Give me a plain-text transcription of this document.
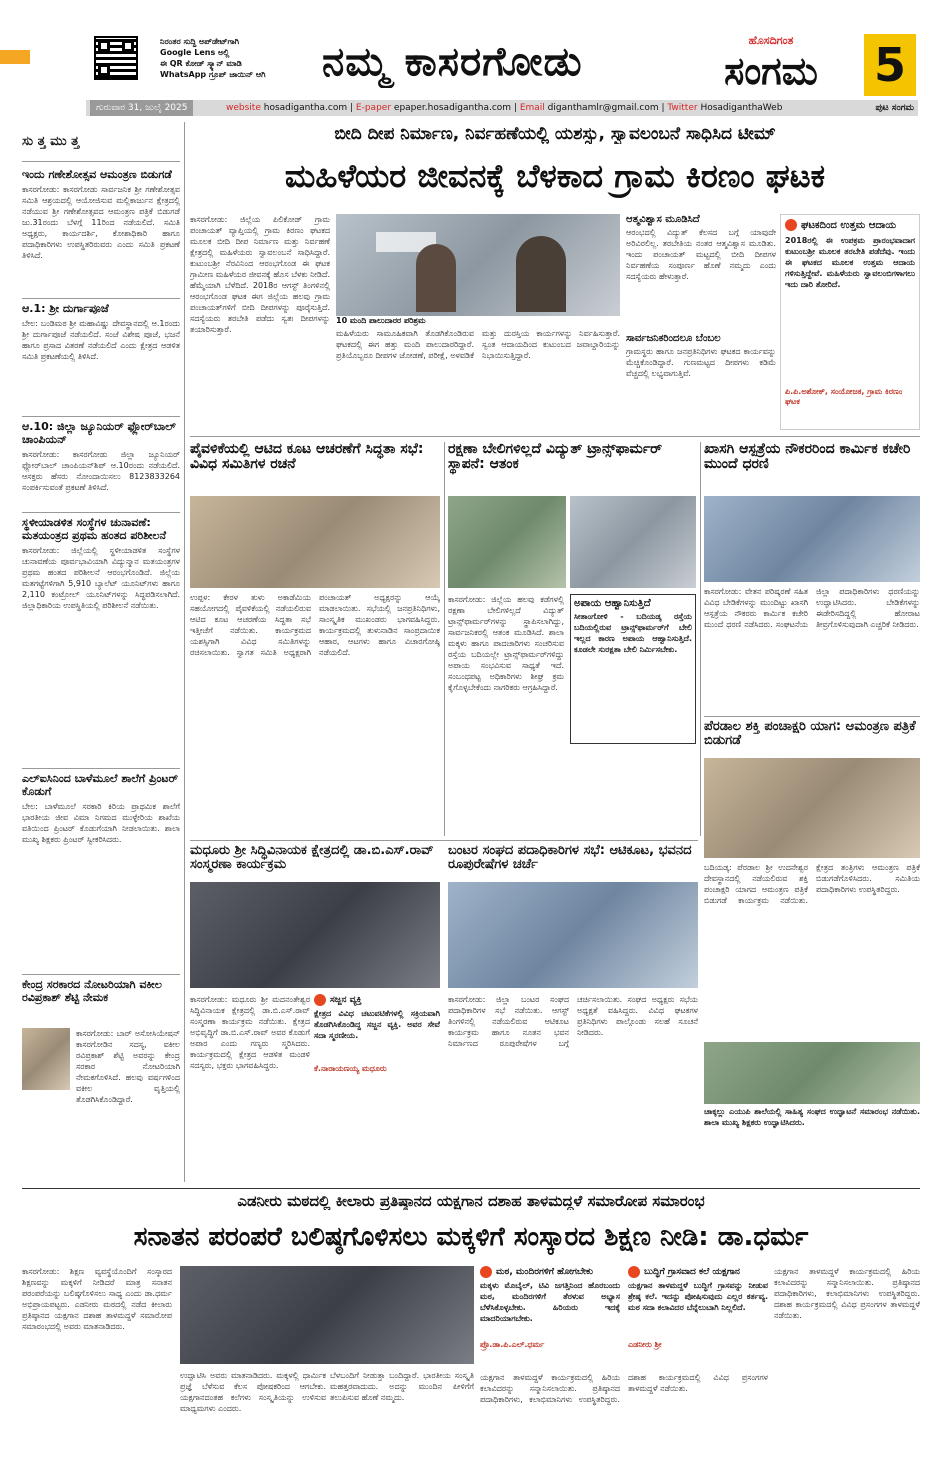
ನಿರಂತರ ಸುದ್ದಿ ಅಪ್‌ಡೇಟ್‌ಗಾಗಿ
Google Lens ಅಲ್ಲಿ
ಈ QR ಕೋಡ್ ಸ್ಕ್ಯಾನ್ ಮಾಡಿ
WhatsApp ಗ್ರೂಪ್ ಜಾಯಿನ್ ಆಗಿ	ನಮ್ಮ ಕಾಸರಗೋಡು	ಹೊಸದಿಗಂತ
ಸಂಗಮ	5
ಗುರುವಾರ 31, ಜುಲೈ 2025	website hosadigantha.com | E-paper epaper.hosadigantha.com | Email diganthamlr@gmail.com | Twitter HosadiganthaWeb	ಪುಟ ಸಂಗಮ
ಸು ತ್ತ ಮು ತ್ತ
ಇಂದು ಗಣೇಶೋತ್ಸವ ಆಮಂತ್ರಣ ಬಿಡುಗಡೆ
ಕಾಸರಗೋಡು: ಕಾಸರಗೋಡು ಸಾರ್ವಜನಿಕ ಶ್ರೀ ಗಣೇಶೋತ್ಸವ ಸಮಿತಿ ಆಶ್ರಯದಲ್ಲಿ ಆಯೋಜಿಸುವ ಮಲ್ಲಿಕಾರ್ಜುನ ಕ್ಷೇತ್ರದಲ್ಲಿ ನಡೆಯುವ ಶ್ರೀ ಗಣೇಶೋತ್ಸವದ ಆಮಂತ್ರಣ ಪತ್ರಿಕೆ ಬಿಡುಗಡೆ ಜು.31ರಂದು ಬೆಳಗ್ಗೆ 11ರಿಂದ ನಡೆಯಲಿದೆ. ಸಮಿತಿ ಅಧ್ಯಕ್ಷರು, ಕಾರ್ಯದರ್ಶಿ, ಕೋಶಾಧಿಕಾರಿ ಹಾಗೂ ಪದಾಧಿಕಾರಿಗಳು ಉಪಸ್ಥಿತರಿರುವರು ಎಂದು ಸಮಿತಿ ಪ್ರಕಟಣೆ ತಿಳಿಸಿದೆ.
ಆ.1: ಶ್ರೀ ದುರ್ಗಾಪೂಜೆ
ಬೇಲ: ಬಂಡಿಮಠ ಶ್ರೀ ಮಹಾವಿಷ್ಣು ದೇವಸ್ಥಾನದಲ್ಲಿ ಆ.1ರಂದು ಶ್ರೀ ದುರ್ಗಾಪೂಜೆ ನಡೆಯಲಿದೆ. ಸಂಜೆ ವಿಶೇಷ ಪೂಜೆ, ಭಜನೆ ಹಾಗೂ ಪ್ರಸಾದ ವಿತರಣೆ ನಡೆಯಲಿದೆ ಎಂದು ಕ್ಷೇತ್ರದ ಆಡಳಿತ ಸಮಿತಿ ಪ್ರಕಟಣೆಯಲ್ಲಿ ತಿಳಿಸಿದೆ.
ಆ.10: ಜಿಲ್ಲಾ ಜ್ಯೂನಿಯರ್ ಫ್ಲೋರ್‌ಬಾಲ್ ಚಾಂಪಿಯನ್
ಕಾಸರಗೋಡು: ಕಾಸರಗೋಡು ಜಿಲ್ಲಾ ಜ್ಯೂನಿಯರ್ ಫ್ಲೋರ್‌ಬಾಲ್ ಚಾಂಪಿಯನ್‌ಶಿಪ್ ಆ.10ರಂದು ನಡೆಯಲಿದೆ. ಆಸಕ್ತರು ಹೆಸರು ನೋಂದಾಯಿಸಲು 8123833264 ಸಂಪರ್ಕಿಸುವಂತೆ ಪ್ರಕಟಣೆ ತಿಳಿಸಿದೆ.
ಸ್ಥಳೀಯಾಡಳಿತ ಸಂಸ್ಥೆಗಳ ಚುನಾವಣೆ: ಮತಯಂತ್ರದ ಪ್ರಥಮ ಹಂತದ ಪರಿಶೀಲನೆ
ಕಾಸರಗೋಡು: ಜಿಲ್ಲೆಯಲ್ಲಿ ಸ್ಥಳೀಯಾಡಳಿತ ಸಂಸ್ಥೆಗಳ ಚುನಾವಣೆಯ ಪೂರ್ವಭಾವಿಯಾಗಿ ವಿದ್ಯುನ್ಮಾನ ಮತಯಂತ್ರಗಳ ಪ್ರಥಮ ಹಂತದ ಪರಿಶೀಲನೆ ಆರಂಭಗೊಂಡಿದೆ. ಜಿಲ್ಲೆಯ ಮತಗಟ್ಟೆಗಳಿಗಾಗಿ 5,910 ಬ್ಯಾಲೆಟ್ ಯೂನಿಟ್‌ಗಳು ಹಾಗೂ 2,110 ಕಂಟ್ರೋಲ್ ಯೂನಿಟ್‌ಗಳನ್ನು ಸಿದ್ಧಪಡಿಸಲಾಗಿದೆ. ಜಿಲ್ಲಾಧಿಕಾರಿಯ ಉಪಸ್ಥಿತಿಯಲ್ಲಿ ಪರಿಶೀಲನೆ ನಡೆಯಿತು.
ಎಲ್‌ಐಸಿನಿಂದ ಬಾಳೆಮೂಲೆ ಶಾಲೆಗೆ ಪ್ರಿಂಟರ್ ಕೊಡುಗೆ
ಬೇಲ: ಬಾಳೆಮೂಲೆ ಸರಕಾರಿ ಕಿರಿಯ ಪ್ರಾಥಮಿಕ ಶಾಲೆಗೆ ಭಾರತೀಯ ಜೀವ ವಿಮಾ ನಿಗಮದ ಮುಳ್ಳೇರಿಯ ಶಾಖೆಯ ವತಿಯಿಂದ ಪ್ರಿಂಟರ್ ಕೊಡುಗೆಯಾಗಿ ನೀಡಲಾಯಿತು. ಶಾಲಾ ಮುಖ್ಯ ಶಿಕ್ಷಕರು ಪ್ರಿಂಟರ್ ಸ್ವೀಕರಿಸಿದರು.
ಕೇಂದ್ರ ಸರಕಾರದ ನೋಟರಿಯಾಗಿ ವಕೀಲ ರವಿಪ್ರಕಾಶ್ ಶೆಟ್ಟಿ ನೇಮಕ
ಕಾಸರಗೋಡು: ಬಾರ್ ಅಸೋಸಿಯೇಷನ್ ಕಾಸರಗೋಡಿನ ಸದಸ್ಯ, ವಕೀಲ ರವಿಪ್ರಕಾಶ್ ಶೆಟ್ಟಿ ಅವರನ್ನು ಕೇಂದ್ರ ಸರಕಾರ ನೋಟರಿಯಾಗಿ ನೇಮಕಗೊಳಿಸಿದೆ. ಹಲವು ವರ್ಷಗಳಿಂದ ವಕೀಲ ವೃತ್ತಿಯಲ್ಲಿ ತೊಡಗಿಸಿಕೊಂಡಿದ್ದಾರೆ.
ಬೀದಿ ದೀಪ ನಿರ್ಮಾಣ, ನಿರ್ವಹಣೆಯಲ್ಲಿ ಯಶಸ್ಸು, ಸ್ವಾವಲಂಬನೆ ಸಾಧಿಸಿದ ಟೀಮ್
ಮಹಿಳೆಯರ ಜೀವನಕ್ಕೆ ಬೆಳಕಾದ ಗ್ರಾಮ ಕಿರಣಂ ಘಟಕ
ಕಾಸರಗೋಡು: ಜಿಲ್ಲೆಯ ಪಿಲಿಕೋಡ್ ಗ್ರಾಮ ಪಂಚಾಯತ್ ವ್ಯಾಪ್ತಿಯಲ್ಲಿ ಗ್ರಾಮ ಕಿರಣಂ ಘಟಕದ ಮೂಲಕ ಬೀದಿ ದೀಪ ನಿರ್ಮಾಣ ಮತ್ತು ನಿರ್ವಹಣೆ ಕ್ಷೇತ್ರದಲ್ಲಿ ಮಹಿಳೆಯರು ಸ್ವಾವಲಂಬನೆ ಸಾಧಿಸಿದ್ದಾರೆ. ಕುಟುಂಬಶ್ರೀ ನೆರವಿನಿಂದ ಆರಂಭಗೊಂಡ ಈ ಘಟಕ ಗ್ರಾಮೀಣ ಮಹಿಳೆಯರ ಜೀವನಕ್ಕೆ ಹೊಸ ಬೆಳಕು ನೀಡಿದೆ. ಹೆಮ್ಮೆಯಾಗಿ ಬೆಳೆದಿದೆ. 2018ರ ಆಗಸ್ಟ್ ತಿಂಗಳಿನಲ್ಲಿ ಆರಂಭಗೊಂಡ ಘಟಕ ಈಗ ಜಿಲ್ಲೆಯ ಹಲವು ಗ್ರಾಮ ಪಂಚಾಯತ್‌ಗಳಿಗೆ ಬೀದಿ ದೀಪಗಳನ್ನು ಪೂರೈಸುತ್ತಿದೆ. ಸದಸ್ಯೆಯರು ತರಬೇತಿ ಪಡೆದು ಸ್ವತಃ ದೀಪಗಳನ್ನು ತಯಾರಿಸುತ್ತಾರೆ.
10 ಮಂದಿ ಪಾಲುದಾರರ ಪರಿಶ್ರಮ
ಮಹಿಳೆಯರು ಸಾಮೂಹಿಕವಾಗಿ ತೊಡಗಿಕೊಂಡಿರುವ ಘಟಕದಲ್ಲಿ ಈಗ ಹತ್ತು ಮಂದಿ ಪಾಲುದಾರರಿದ್ದಾರೆ. ಪ್ರತಿಯೊಬ್ಬರೂ ದೀಪಗಳ ಜೋಡಣೆ, ಪರೀಕ್ಷೆ, ಅಳವಡಿಕೆ ಮತ್ತು ದುರಸ್ತಿಯ ಕಾರ್ಯಗಳನ್ನು ನಿರ್ವಹಿಸುತ್ತಾರೆ. ಸ್ವಂತ ಆದಾಯದಿಂದ ಕುಟುಂಬದ ಜವಾಬ್ದಾರಿಯನ್ನು ನಿಭಾಯಿಸುತ್ತಿದ್ದಾರೆ.
ಆತ್ಮವಿಶ್ವಾಸ ಮೂಡಿಸಿದೆ
ಆರಂಭದಲ್ಲಿ ವಿದ್ಯುತ್ ಕೆಲಸದ ಬಗ್ಗೆ ಯಾವುದೇ ಅರಿವಿರಲಿಲ್ಲ. ತರಬೇತಿಯ ನಂತರ ಆತ್ಮವಿಶ್ವಾಸ ಮೂಡಿತು. ಇಂದು ಪಂಚಾಯತ್ ಮಟ್ಟದಲ್ಲಿ ಬೀದಿ ದೀಪಗಳ ನಿರ್ವಹಣೆಯ ಸಂಪೂರ್ಣ ಹೊಣೆ ನಮ್ಮದು ಎಂದು ಸದಸ್ಯೆಯರು ಹೇಳುತ್ತಾರೆ.
ಸಾರ್ವಜನಿಕರಿಂದಲೂ ಬೆಂಬಲ
ಗ್ರಾಮಸ್ಥರು ಹಾಗೂ ಜನಪ್ರತಿನಿಧಿಗಳು ಘಟಕದ ಕಾರ್ಯವನ್ನು ಮೆಚ್ಚಿಕೊಂಡಿದ್ದಾರೆ. ಗುಣಮಟ್ಟದ ದೀಪಗಳು ಕಡಿಮೆ ವೆಚ್ಚದಲ್ಲಿ ಲಭ್ಯವಾಗುತ್ತಿವೆ.
ಘಟಕದಿಂದ ಉತ್ತಮ ಆದಾಯ
2018ರಲ್ಲಿ ಈ ಉಪಕ್ರಮ ಪ್ರಾರಂಭವಾದಾಗ ಕುಟುಂಬಶ್ರೀ ಮೂಲಕ ತರಬೇತಿ ಪಡೆದೆವು. ಇಂದು ಈ ಘಟಕದ ಮೂಲಕ ಉತ್ತಮ ಆದಾಯ ಗಳಿಸುತ್ತಿದ್ದೇವೆ. ಮಹಿಳೆಯರು ಸ್ವಾವಲಂಬಿಗಳಾಗಲು ಇದು ದಾರಿ ತೋರಿದೆ.
ಪಿ.ಪಿ.ಅಶೋಕ್, ಸಂಯೋಜಕ, ಗ್ರಾಮ ಕಿರಣಂ ಘಟಕ
ಪೈವಳಿಕೆಯಲ್ಲಿ ಆಟಿದ ಕೂಟ ಆಚರಣೆಗೆ ಸಿದ್ಧತಾ ಸಭೆ: ವಿವಿಧ ಸಮಿತಿಗಳ ರಚನೆ
ಉಪ್ಪಳ: ಕೇರಳ ತುಳು ಅಕಾಡೆಮಿಯ ಸಹಯೋಗದಲ್ಲಿ ಪೈವಳಿಕೆಯಲ್ಲಿ ನಡೆಯಲಿರುವ ಆಟಿದ ಕೂಟ ಆಚರಣೆಯ ಸಿದ್ಧತಾ ಸಭೆ ಇತ್ತೀಚೆಗೆ ನಡೆಯಿತು. ಕಾರ್ಯಕ್ರಮದ ಯಶಸ್ಸಿಗಾಗಿ ವಿವಿಧ ಸಮಿತಿಗಳನ್ನು ರಚಿಸಲಾಯಿತು. ಸ್ವಾಗತ ಸಮಿತಿ ಅಧ್ಯಕ್ಷರಾಗಿ ಪಂಚಾಯತ್ ಅಧ್ಯಕ್ಷರನ್ನು ಆಯ್ಕೆ ಮಾಡಲಾಯಿತು. ಸಭೆಯಲ್ಲಿ ಜನಪ್ರತಿನಿಧಿಗಳು, ಸಾಂಸ್ಕೃತಿಕ ಮುಖಂಡರು ಭಾಗವಹಿಸಿದ್ದರು. ಕಾರ್ಯಕ್ರಮದಲ್ಲಿ ತುಳುನಾಡಿನ ಸಾಂಪ್ರದಾಯಿಕ ಆಹಾರ, ಆಟಗಳು ಹಾಗೂ ವಿಚಾರಗೋಷ್ಠಿ ನಡೆಯಲಿದೆ.
ರಕ್ಷಣಾ ಬೇಲಿಗಳಿಲ್ಲದೆ ವಿದ್ಯುತ್ ಟ್ರಾನ್ಸ್‌ಫಾರ್ಮರ್ ಸ್ಥಾಪನೆ: ಆತಂಕ
ಕಾಸರಗೋಡು: ಜಿಲ್ಲೆಯ ಹಲವು ಕಡೆಗಳಲ್ಲಿ ರಕ್ಷಣಾ ಬೇಲಿಗಳಿಲ್ಲದೆ ವಿದ್ಯುತ್ ಟ್ರಾನ್ಸ್‌ಫಾರ್ಮರ್‌ಗಳನ್ನು ಸ್ಥಾಪಿಸಲಾಗಿದ್ದು, ಸಾರ್ವಜನಿಕರಲ್ಲಿ ಆತಂಕ ಮೂಡಿಸಿದೆ. ಶಾಲಾ ಮಕ್ಕಳು ಹಾಗೂ ಪಾದಚಾರಿಗಳು ಸಂಚರಿಸುವ ರಸ್ತೆಯ ಬದಿಯಲ್ಲೇ ಟ್ರಾನ್ಸ್‌ಫಾರ್ಮರ್‌ಗಳಿದ್ದು ಅಪಾಯ ಸಂಭವಿಸುವ ಸಾಧ್ಯತೆ ಇದೆ. ಸಂಬಂಧಪಟ್ಟ ಅಧಿಕಾರಿಗಳು ಶೀಘ್ರ ಕ್ರಮ ಕೈಗೊಳ್ಳಬೇಕೆಂದು ನಾಗರಿಕರು ಆಗ್ರಹಿಸಿದ್ದಾರೆ.
ಅಪಾಯ ಆಹ್ವಾನಿಸುತ್ತಿದೆ
ಸೀತಾಂಗೋಳಿ - ಬದಿಯಡ್ಕ ರಸ್ತೆಯ ಬದಿಯಲ್ಲಿರುವ ಟ್ರಾನ್ಸ್‌ಫಾರ್ಮರ್‌ಗೆ ಬೇಲಿ ಇಲ್ಲದ ಕಾರಣ ಅಪಾಯ ಆಹ್ವಾನಿಸುತ್ತಿದೆ. ಕೂಡಲೇ ಸುರಕ್ಷತಾ ಬೇಲಿ ನಿರ್ಮಿಸಬೇಕು.
ಖಾಸಗಿ ಆಸ್ಪತ್ರೆಯ ನೌಕರರಿಂದ ಕಾರ್ಮಿಕ ಕಚೇರಿ ಮುಂದೆ ಧರಣಿ
ಕಾಸರಗೋಡು: ವೇತನ ಪರಿಷ್ಕರಣೆ ಸಹಿತ ವಿವಿಧ ಬೇಡಿಕೆಗಳನ್ನು ಮುಂದಿಟ್ಟು ಖಾಸಗಿ ಆಸ್ಪತ್ರೆಯ ನೌಕರರು ಕಾರ್ಮಿಕ ಕಚೇರಿ ಮುಂದೆ ಧರಣಿ ನಡೆಸಿದರು. ಸಂಘಟನೆಯ ಜಿಲ್ಲಾ ಪದಾಧಿಕಾರಿಗಳು ಧರಣಿಯನ್ನು ಉದ್ಘಾಟಿಸಿದರು. ಬೇಡಿಕೆಗಳನ್ನು ಈಡೇರಿಸದಿದ್ದಲ್ಲಿ ಹೋರಾಟ ತೀವ್ರಗೊಳಿಸುವುದಾಗಿ ಎಚ್ಚರಿಕೆ ನೀಡಿದರು.
ಮಧೂರು ಶ್ರೀ ಸಿದ್ಧಿವಿನಾಯಕ ಕ್ಷೇತ್ರದಲ್ಲಿ ಡಾ.ಬಿ.ಎಸ್.ರಾವ್ ಸಂಸ್ಮರಣಾ ಕಾರ್ಯಕ್ರಮ
ಕಾಸರಗೋಡು: ಮಧೂರು ಶ್ರೀ ಮದನಂತೇಶ್ವರ ಸಿದ್ಧಿವಿನಾಯಕ ಕ್ಷೇತ್ರದಲ್ಲಿ ಡಾ.ಬಿ.ಎಸ್.ರಾವ್ ಸಂಸ್ಮರಣಾ ಕಾರ್ಯಕ್ರಮ ನಡೆಯಿತು. ಕ್ಷೇತ್ರದ ಅಭಿವೃದ್ಧಿಗೆ ಡಾ.ಬಿ.ಎಸ್.ರಾವ್ ಅವರ ಕೊಡುಗೆ ಅಪಾರ ಎಂದು ಗಣ್ಯರು ಸ್ಮರಿಸಿದರು. ಕಾರ್ಯಕ್ರಮದಲ್ಲಿ ಕ್ಷೇತ್ರದ ಆಡಳಿತ ಮಂಡಳಿ ಸದಸ್ಯರು, ಭಕ್ತರು ಭಾಗವಹಿಸಿದ್ದರು.
ಸಜ್ಜನ ವ್ಯಕ್ತಿ
ಕ್ಷೇತ್ರದ ವಿವಿಧ ಚಟುವಟಿಕೆಗಳಲ್ಲಿ ಸಕ್ರಿಯವಾಗಿ ತೊಡಗಿಸಿಕೊಂಡಿದ್ದ ಸಜ್ಜನ ವ್ಯಕ್ತಿ. ಅವರ ಸೇವೆ ಸದಾ ಸ್ಮರಣೀಯ.
ಕೆ.ನಾರಾಯಣಯ್ಯ ಮಧೂರು
ಬಂಟರ ಸಂಘದ ಪದಾಧಿಕಾರಿಗಳ ಸಭೆ: ಆಟಿಕೂಟ, ಭವನದ ರೂಪುರೇಷೆಗಳ ಚರ್ಚೆ
ಕಾಸರಗೋಡು: ಜಿಲ್ಲಾ ಬಂಟರ ಸಂಘದ ಪದಾಧಿಕಾರಿಗಳ ಸಭೆ ನಡೆಯಿತು. ಆಗಸ್ಟ್ ತಿಂಗಳಿನಲ್ಲಿ ನಡೆಯಲಿರುವ ಆಟಿಕೂಟ ಕಾರ್ಯಕ್ರಮ ಹಾಗೂ ನೂತನ ಭವನ ನಿರ್ಮಾಣದ ರೂಪುರೇಷೆಗಳ ಬಗ್ಗೆ ಚರ್ಚಿಸಲಾಯಿತು. ಸಂಘದ ಅಧ್ಯಕ್ಷರು ಸಭೆಯ ಅಧ್ಯಕ್ಷತೆ ವಹಿಸಿದ್ದರು. ವಿವಿಧ ಘಟಕಗಳ ಪ್ರತಿನಿಧಿಗಳು ಪಾಲ್ಗೊಂಡು ಸಲಹೆ ಸೂಚನೆ ನೀಡಿದರು.
ಪೆರಡಾಲ ಶಕ್ತಿ ಪಂಚಾಕ್ಷರಿ ಯಾಗ: ಆಮಂತ್ರಣ ಪತ್ರಿಕೆ ಬಿಡುಗಡೆ
ಬದಿಯಡ್ಕ: ಪೆರಡಾಲ ಶ್ರೀ ಉದನೇಶ್ವರ ದೇವಸ್ಥಾನದಲ್ಲಿ ನಡೆಯಲಿರುವ ಶಕ್ತಿ ಪಂಚಾಕ್ಷರಿ ಯಾಗದ ಆಮಂತ್ರಣ ಪತ್ರಿಕೆ ಬಿಡುಗಡೆ ಕಾರ್ಯಕ್ರಮ ನಡೆಯಿತು. ಕ್ಷೇತ್ರದ ತಂತ್ರಿಗಳು ಆಮಂತ್ರಣ ಪತ್ರಿಕೆ ಬಿಡುಗಡೆಗೊಳಿಸಿದರು. ಸಮಿತಿಯ ಪದಾಧಿಕಾರಿಗಳು ಉಪಸ್ಥಿತರಿದ್ದರು.
ಚಾಕ್ಕಲ್ಲು ಎಯುಪಿ ಶಾಲೆಯಲ್ಲಿ ಸಾಹಿತ್ಯ ಸಂಘದ ಉದ್ಘಾಟನೆ ಸಮಾರಂಭ ನಡೆಯಿತು. ಶಾಲಾ ಮುಖ್ಯ ಶಿಕ್ಷಕರು ಉದ್ಘಾಟಿಸಿದರು.
ಎಡನೀರು ಮಠದಲ್ಲಿ ಕೀಲಾರು ಪ್ರತಿಷ್ಠಾನದ ಯಕ್ಷಗಾನ ದಶಾಹ ತಾಳಮದ್ದಳೆ ಸಮಾರೋಪ ಸಮಾರಂಭ
ಸನಾತನ ಪರಂಪರೆ ಬಲಿಷ್ಠಗೊಳಿಸಲು ಮಕ್ಕಳಿಗೆ ಸಂಸ್ಕಾರದ ಶಿಕ್ಷಣ ನೀಡಿ: ಡಾ.ಧರ್ಮ
ಕಾಸರಗೋಡು: ಶಿಕ್ಷಣ ವ್ಯವಸ್ಥೆಯೊಂದಿಗೆ ಸಂಸ್ಕಾರದ ಶಿಕ್ಷಣವನ್ನು ಮಕ್ಕಳಿಗೆ ನೀಡಿದರೆ ಮಾತ್ರ ಸನಾತನ ಪರಂಪರೆಯನ್ನು ಬಲಿಷ್ಠಗೊಳಿಸಲು ಸಾಧ್ಯ ಎಂದು ಡಾ.ಧರ್ಮ ಅಭಿಪ್ರಾಯಪಟ್ಟರು. ಎಡನೀರು ಮಠದಲ್ಲಿ ನಡೆದ ಕೀಲಾರು ಪ್ರತಿಷ್ಠಾನದ ಯಕ್ಷಗಾನ ದಶಾಹ ತಾಳಮದ್ದಳೆ ಸಮಾರೋಪ ಸಮಾರಂಭದಲ್ಲಿ ಅವರು ಮಾತನಾಡಿದರು.
ಉದ್ಘಾಟಿಸಿ ಅವರು ಮಾತನಾಡಿದರು. ಮಕ್ಕಳಲ್ಲಿ ಧಾರ್ಮಿಕ ಪ್ರಜ್ಞೆ ಬೆಳೆಸುವ ಕೆಲಸ ಪೋಷಕರಿಂದ ಆಗಬೇಕು. ಯಕ್ಷಗಾನದಂತಹ ಕಲೆಗಳು ಸಂಸ್ಕೃತಿಯನ್ನು ಉಳಿಸುವ ಮಾಧ್ಯಮಗಳು ಎಂದರು.
ಬೆಳಬಂದಿಗೆ ನೀಡುತ್ತಾ ಬಂದಿದ್ದಾರೆ. ಭಾರತೀಯ ಸಂಸ್ಕೃತಿ ಮಹತ್ತರವಾದುದು. ಅದನ್ನು ಮುಂದಿನ ಪೀಳಿಗೆಗೆ ತಲುಪಿಸುವ ಹೊಣೆ ನಮ್ಮದು.
ಮಠ, ಮಂದಿರಗಳಿಗೆ ಹೋಗಬೇಕು
ಮಕ್ಕಳು ಮೊಬೈಲ್, ಟಿವಿ ಜಗತ್ತಿನಿಂದ ಹೊರಬಂದು ಮಠ, ಮಂದಿರಗಳಿಗೆ ತೆರಳುವ ಅಭ್ಯಾಸ ಬೆಳೆಸಿಕೊಳ್ಳಬೇಕು. ಹಿರಿಯರು ಇದಕ್ಕೆ ಮಾದರಿಯಾಗಬೇಕು.
ಪ್ರೊ.ಡಾ.ಪಿ.ಎಲ್.ಧರ್ಮ
ಬುದ್ಧಿಗೆ ಗ್ರಾಸವಾದ ಕಲೆ ಯಕ್ಷಗಾನ
ಯಕ್ಷಗಾನ ತಾಳಮದ್ದಳೆ ಬುದ್ಧಿಗೆ ಗ್ರಾಸವನ್ನು ನೀಡುವ ಶ್ರೇಷ್ಠ ಕಲೆ. ಇದನ್ನು ಪೋಷಿಸುವುದು ಎಲ್ಲರ ಕರ್ತವ್ಯ. ಮಠ ಸದಾ ಕಲಾವಿದರ ಬೆನ್ನೆಲುಬಾಗಿ ನಿಲ್ಲಲಿದೆ.
ಎಡನೀರು ಶ್ರೀ
ಯಕ್ಷಗಾನ ತಾಳಮದ್ದಳೆ ಕಾರ್ಯಕ್ರಮದಲ್ಲಿ ಹಿರಿಯ ಕಲಾವಿದರನ್ನು ಸನ್ಮಾನಿಸಲಾಯಿತು. ಪ್ರತಿಷ್ಠಾನದ ಪದಾಧಿಕಾರಿಗಳು, ಕಲಾಭಿಮಾನಿಗಳು ಉಪಸ್ಥಿತರಿದ್ದರು. ದಶಾಹ ಕಾರ್ಯಕ್ರಮದಲ್ಲಿ ವಿವಿಧ ಪ್ರಸಂಗಗಳ ತಾಳಮದ್ದಳೆ ನಡೆಯಿತು.
ಯಕ್ಷಗಾನ ತಾಳಮದ್ದಳೆ ಕಾರ್ಯಕ್ರಮದಲ್ಲಿ ಹಿರಿಯ ಕಲಾವಿದರನ್ನು ಸನ್ಮಾನಿಸಲಾಯಿತು. ಪ್ರತಿಷ್ಠಾನದ ಪದಾಧಿಕಾರಿಗಳು, ಕಲಾಭಿಮಾನಿಗಳು ಉಪಸ್ಥಿತರಿದ್ದರು. ದಶಾಹ ಕಾರ್ಯಕ್ರಮದಲ್ಲಿ ವಿವಿಧ ಪ್ರಸಂಗಗಳ ತಾಳಮದ್ದಳೆ ನಡೆಯಿತು.
